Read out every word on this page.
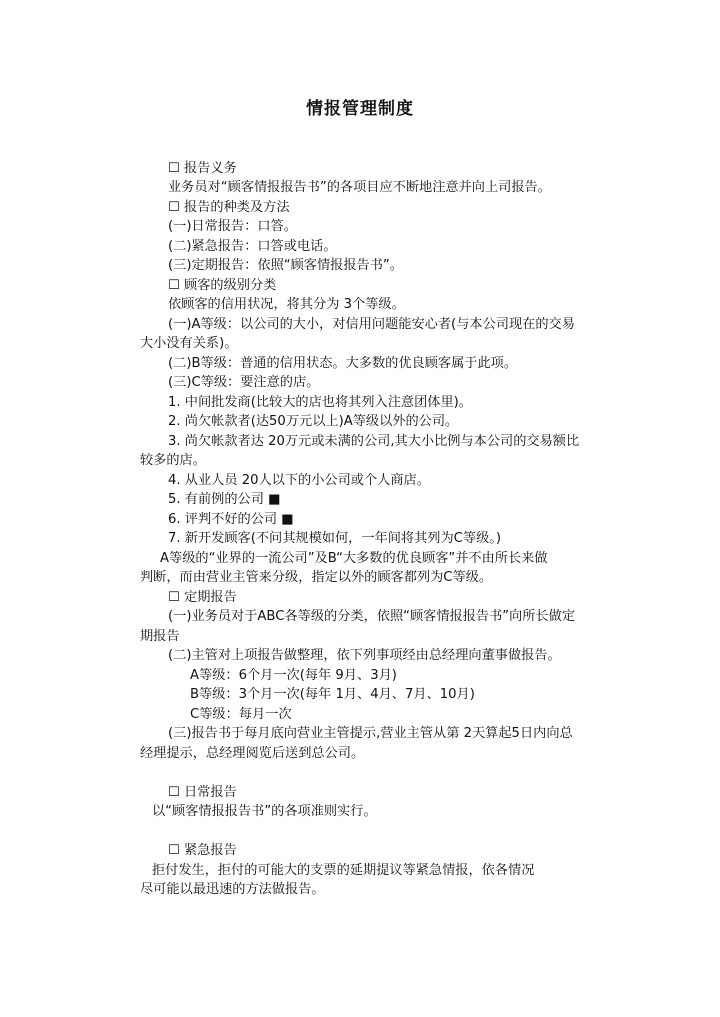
情报管理制度
☐ 报告义务
业务员对“顾客情报报告书”的各项目应不断地注意并向上司报告。
☐ 报告的种类及方法
(一)日常报告：口答。
(二)紧急报告：口答或电话。
(三)定期报告：依照“顾客情报报告书”。
☐ 顾客的级别分类
依顾客的信用状况，将其分为 3个等级。
(一)A等级：以公司的大小，对信用问题能安心者(与本公司现在的交易
大小没有关系)。
(二)B等级：普通的信用状态。大多数的优良顾客属于此项。
(三)C等级：要注意的店。
1. 中间批发商(比较大的店也将其列入注意团体里)。
2. 尚欠帐款者(达50万元以上)A等级以外的公司。
3. 尚欠帐款者达 20万元或未满的公司,其大小比例与本公司的交易额比
较多的店。
4. 从业人员 20人以下的小公司或个人商店。
5. 有前例的公司 ■
6. 评判不好的公司 ■
7. 新开发顾客(不问其规模如何，一年间将其列为C等级。)
A等级的“业界的一流公司”及B“大多数的优良顾客”并不由所长来做
判断，而由营业主管来分级，指定以外的顾客都列为C等级。
☐ 定期报告
(一)业务员对于ABC各等级的分类，依照“顾客情报报告书”向所长做定
期报告
(二)主管对上项报告做整理，依下列事项经由总经理向董事做报告。
A等级：6个月一次(每年 9月、3月)
B等级：3个月一次(每年 1月、4月、7月、10月)
C等级：每月一次
(三)报告书于每月底向营业主管提示,营业主管从第 2天算起5日内向总
经理提示，总经理阅览后送到总公司。
☐ 日常报告
以“顾客情报报告书”的各项准则实行。
☐ 紧急报告
拒付发生，拒付的可能大的支票的延期提议等紧急情报，依各情况
尽可能以最迅速的方法做报告。
